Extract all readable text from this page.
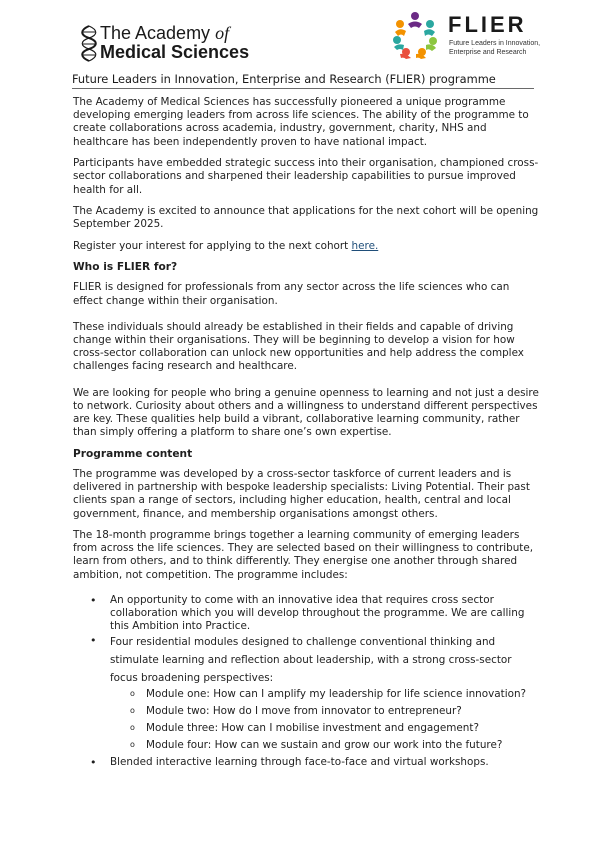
The Academy of
Medical Sciences
FLIER
Future Leaders in Innovation,
Enterprise and Research
Future Leaders in Innovation, Enterprise and Research (FLIER) programme

The Academy of Medical Sciences has successfully pioneered a unique programme developing emerging leaders from across life sciences. The ability of the programme to create collaborations across academia, industry, government, charity, NHS and healthcare has been independently proven to have national impact.

Participants have embedded strategic success into their organisation, championed cross-sector collaborations and sharpened their leadership capabilities to pursue improved health for all.

The Academy is excited to announce that applications for the next cohort will be opening September 2025.

Register your interest for applying to the next cohort here.

Who is FLIER for?

FLIER is designed for professionals from any sector across the life sciences who can effect change within their organisation.

These individuals should already be established in their fields and capable of driving change within their organisations. They will be beginning to develop a vision for how cross-sector collaboration can unlock new opportunities and help address the complex challenges facing research and healthcare.

We are looking for people who bring a genuine openness to learning and not just a desire to network. Curiosity about others and a willingness to understand different perspectives are key. These qualities help build a vibrant, collaborative learning community, rather than simply offering a platform to share one’s own expertise.

Programme content

The programme was developed by a cross-sector taskforce of current leaders and is delivered in partnership with bespoke leadership specialists: Living Potential. Their past clients span a range of sectors, including higher education, health, central and local government, finance, and membership organisations amongst others.

The 18-month programme brings together a learning community of emerging leaders from across the life sciences. They are selected based on their willingness to contribute, learn from others, and to think differently. They energise one another through shared ambition, not competition. The programme includes:

• An opportunity to come with an innovative idea that requires cross sector collaboration which you will develop throughout the programme. We are calling this Ambition into Practice.
• Four residential modules designed to challenge conventional thinking and stimulate learning and reflection about leadership, with a strong cross-sector focus broadening perspectives:
o Module one: How can I amplify my leadership for life science innovation?
o Module two: How do I move from innovator to entrepreneur?
o Module three: How can I mobilise investment and engagement?
o Module four: How can we sustain and grow our work into the future?
• Blended interactive learning through face-to-face and virtual workshops.
